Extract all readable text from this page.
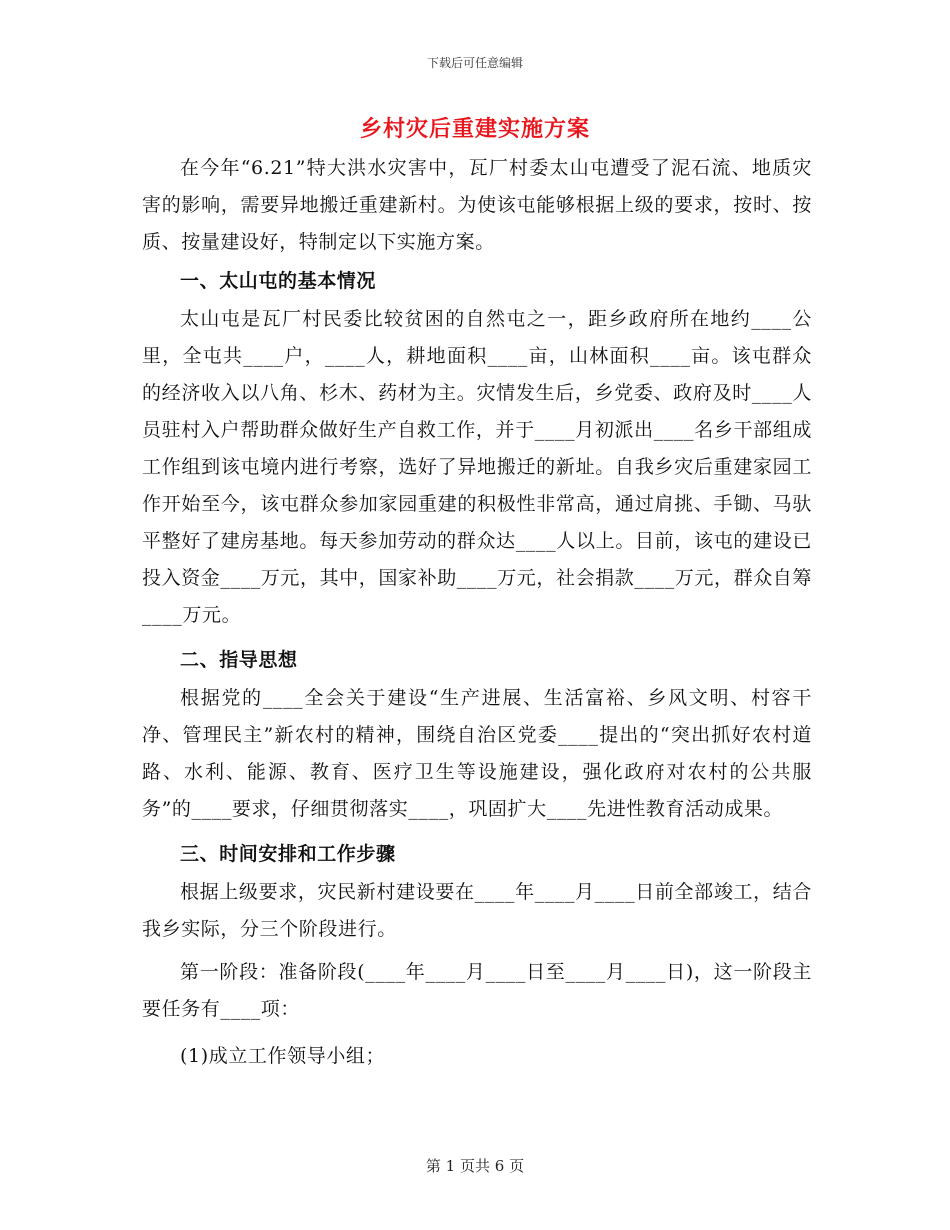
下载后可任意编辑
乡村灾后重建实施方案

在今年“6.21”特大洪水灾害中，瓦厂村委太山屯遭受了泥石流、地质灾害的影响，需要异地搬迁重建新村。为使该屯能够根据上级的要求，按时、按质、按量建设好，特制定以下实施方案。

一、太山屯的基本情况

太山屯是瓦厂村民委比较贫困的自然屯之一，距乡政府所在地约____公里，全屯共____户，____人，耕地面积____亩，山林面积____亩。该屯群众的经济收入以八角、杉木、药材为主。灾情发生后，乡党委、政府及时____人员驻村入户帮助群众做好生产自救工作，并于____月初派出____名乡干部组成工作组到该屯境内进行考察，选好了异地搬迁的新址。自我乡灾后重建家园工作开始至今，该屯群众参加家园重建的积极性非常高，通过肩挑、手锄、马驮平整好了建房基地。每天参加劳动的群众达____人以上。目前，该屯的建设已投入资金____万元，其中，国家补助____万元，社会捐款____万元，群众自筹____万元。

二、指导思想

根据党的____全会关于建设“生产进展、生活富裕、乡风文明、村容干净、管理民主”新农村的精神，围绕自治区党委____提出的“突出抓好农村道路、水利、能源、教育、医疗卫生等设施建设，强化政府对农村的公共服务”的____要求，仔细贯彻落实____，巩固扩大____先进性教育活动成果。

三、时间安排和工作步骤

根据上级要求，灾民新村建设要在____年____月____日前全部竣工，结合我乡实际，分三个阶段进行。

第一阶段：准备阶段(____年____月____日至____月____日)，这一阶段主要任务有____项：

(1)成立工作领导小组；

第 1 页共 6 页
